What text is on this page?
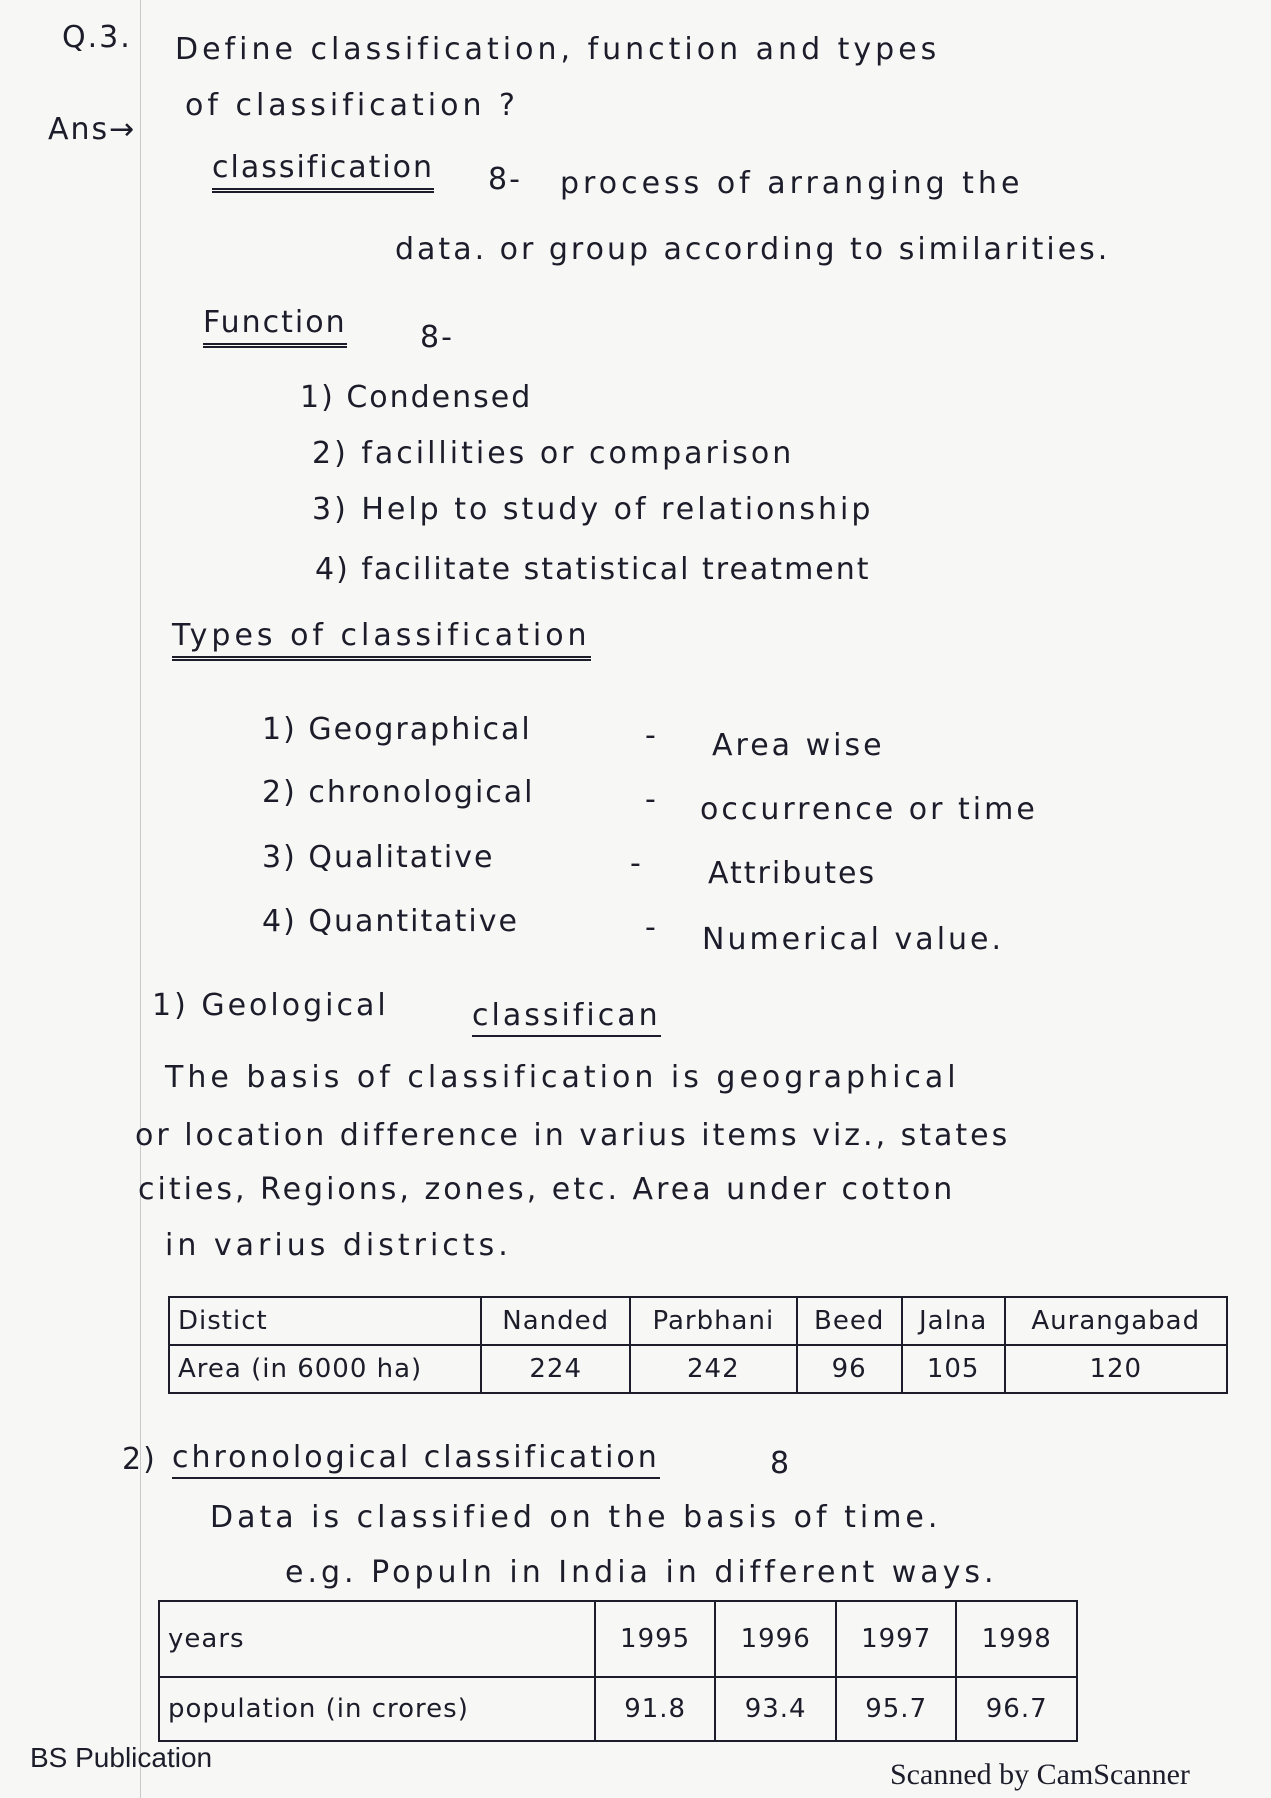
Q.3. Define classification, function and types
of classification ?
Ans→
classification 8- process of arranging the
data. or group according to similarities.
Function 8-
1) Condensed
2) facillities or comparison
3) Help to study of relationship
4) facilitate statistical treatment
Types of classification
1) Geographical	- Area wise
2) chronological	- occurrence or time
3) Qualitative	- Attributes
4) Quantitative	- Numerical value.
1) Geological	classifican
The basis of classification is geographical
or location difference in varius items viz., states
cities, Regions, zones, etc. Area under cotton
in varius districts.
Distict	Nanded	Parbhani	Beed	Jalna	Aurangabad
Area (in 6000 ha)	224	242	96	105	120
2) chronological classification	8
Data is classified on the basis of time.
e.g. Populn in India in different ways.
years	1995	1996	1997	1998
population (in crores)	91.8	93.4	95.7	96.7
BS Publication
Scanned by CamScanner
